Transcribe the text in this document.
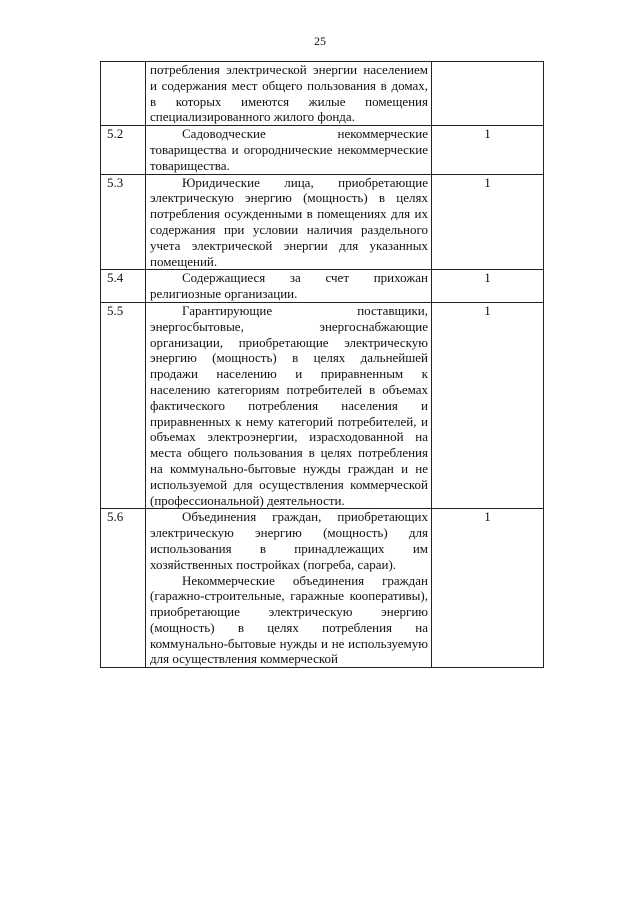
25

	потребления электрической энергии населением и содержания мест общего пользования в домах, в которых имеются жилые помещения специализированного жилого фонда.	

5.2	Садоводческие некоммерческие товарищества и огороднические некоммерческие товарищества.	1
5.3	Юридические лица, приобретающие электрическую энергию (мощность) в целях потребления осужденными в помещениях для их содержания при условии наличия раздельного учета электрической энергии для указанных помещений.	1
5.4	Содержащиеся за счет прихожан религиозные организации.	1
5.5	Гарантирующие поставщики, энергосбытовые, энергоснабжающие организации, приобретающие электрическую энергию (мощность) в целях дальнейшей продажи населению и приравненным к населению категориям потребителей в объемах фактического потребления населения и приравненных к нему категорий потребителей, и объемах электроэнергии, израсходованной на места общего пользования в целях потребления на коммунально-бытовые нужды граждан и не используемой для осуществления коммерческой (профессиональной) деятельности.	1
5.6	Объединения граждан, приобретающих электрическую энергию (мощность) для использования в принадлежащих им хозяйственных постройках (погреба, сараи).
Некоммерческие объединения граждан (гаражно-строительные, гаражные кооперативы), приобретающие электрическую энергию (мощность) в целях потребления на коммунально-бытовые нужды и не используемую для осуществления коммерческой	1
